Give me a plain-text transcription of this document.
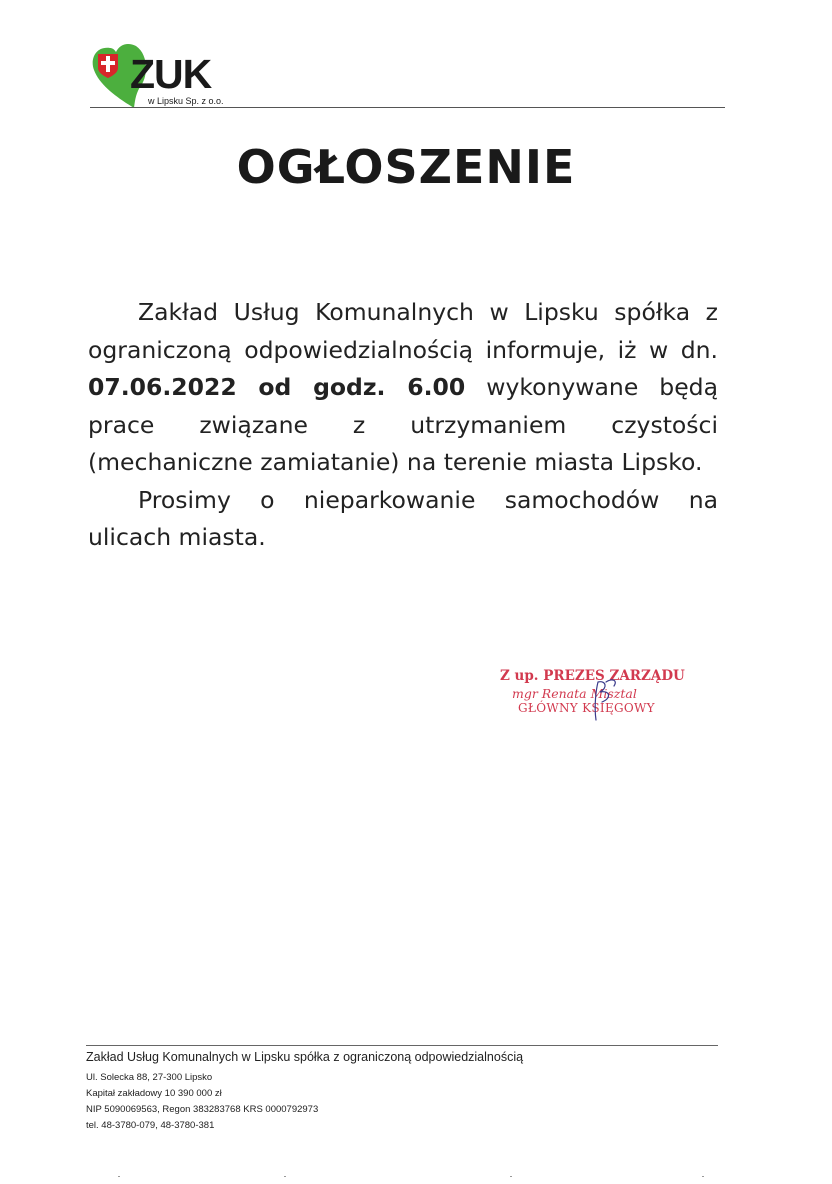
ZUK
w Lipsku Sp. z o.o.
OGŁOSZENIE

Zakład Usług Komunalnych w Lipsku spółka z ograniczoną odpowiedzialnością informuje, iż w dn. 07.06.2022 od godz. 6.00 wykonywane będą prace związane z utrzymaniem czystości (mechaniczne zamiatanie) na terenie miasta Lipsko.

Prosimy o nieparkowanie samochodów na ulicach miasta.

Z up. PREZES ZARZĄDU
mgr Renata Misztal
GŁÓWNY KSIĘGOWY
Zakład Usług Komunalnych w Lipsku spółka z ograniczoną odpowiedzialnością
Ul. Solecka 88, 27-300 Lipsko
Kapitał zakładowy 10 390 000 zł
NIP 5090069563, Regon 383283768 KRS 0000792973
tel. 48-3780-079, 48-3780-381
